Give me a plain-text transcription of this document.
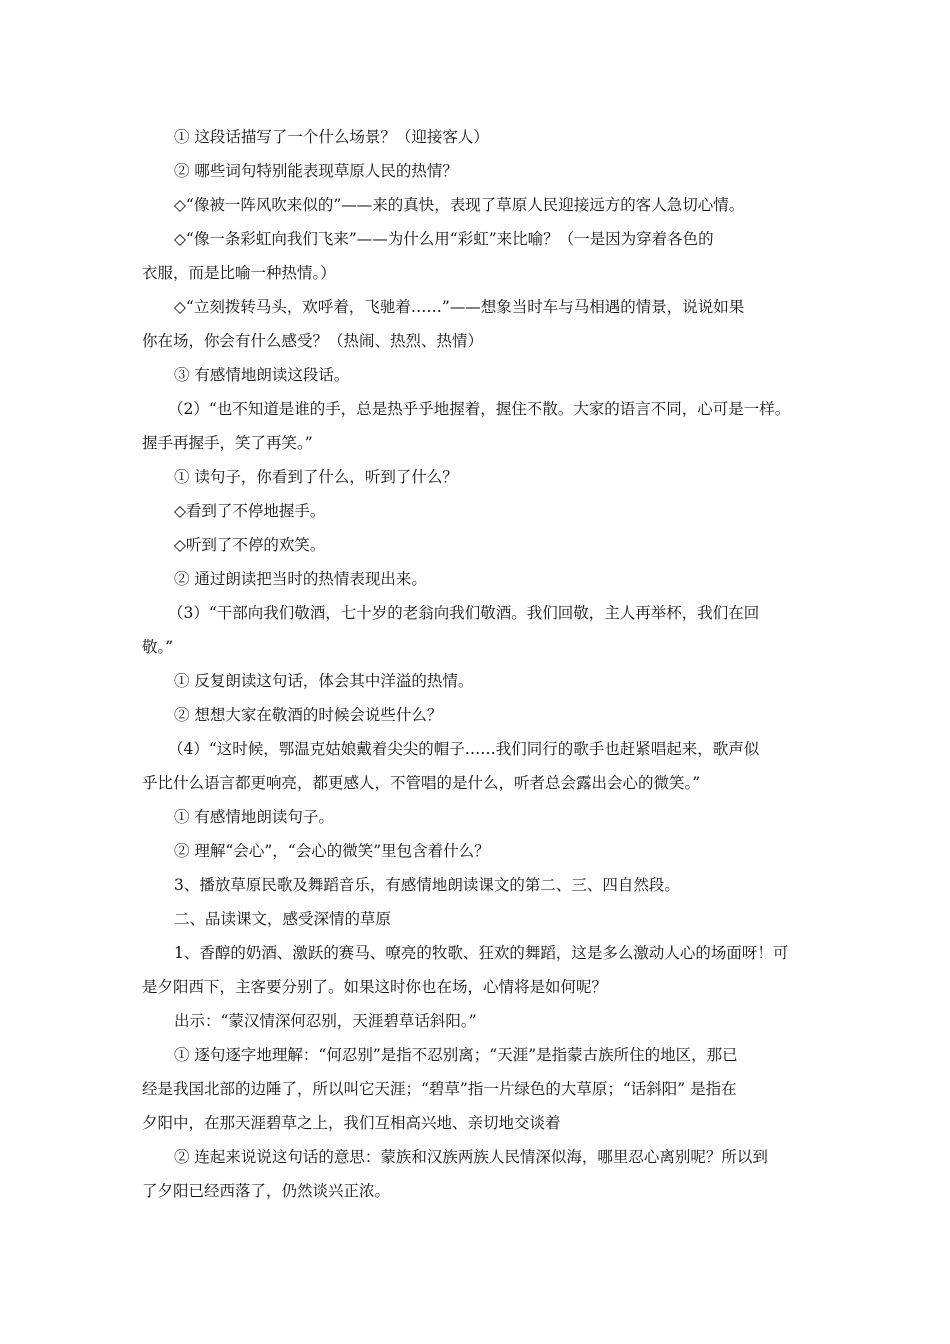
① 这段话描写了一个什么场景？（迎接客人）
② 哪些词句特别能表现草原人民的热情？
◇“像被一阵风吹来似的”——来的真快，表现了草原人民迎接远方的客人急切心情。
◇“像一条彩虹向我们飞来”——为什么用“彩虹”来比喻？（一是因为穿着各色的
衣服，而是比喻一种热情。）
◇“立刻拨转马头，欢呼着，飞驰着……”——想象当时车与马相遇的情景，说说如果
你在场，你会有什么感受？（热闹、热烈、热情）
③ 有感情地朗读这段话。
（2）“也不知道是谁的手，总是热乎乎地握着，握住不散。大家的语言不同，心可是一样。
握手再握手，笑了再笑。”
① 读句子，你看到了什么，听到了什么？
◇看到了不停地握手。
◇听到了不停的欢笑。
② 通过朗读把当时的热情表现出来。
（3）“干部向我们敬酒，七十岁的老翁向我们敬酒。我们回敬，主人再举杯，我们在回
敬。”
① 反复朗读这句话，体会其中洋溢的热情。
② 想想大家在敬酒的时候会说些什么？
（4）“这时候，鄂温克姑娘戴着尖尖的帽子……我们同行的歌手也赶紧唱起来，歌声似
乎比什么语言都更响亮，都更感人，不管唱的是什么，听者总会露出会心的微笑。”
① 有感情地朗读句子。
② 理解“会心”，“会心的微笑”里包含着什么？
3、播放草原民歌及舞蹈音乐，有感情地朗读课文的第二、三、四自然段。
二、品读课文，感受深情的草原
1、香醇的奶酒、激跃的赛马、嘹亮的牧歌、狂欢的舞蹈，这是多么激动人心的场面呀！可
是夕阳西下，主客要分别了。如果这时你也在场，心情将是如何呢？
出示：“蒙汉情深何忍别，天涯碧草话斜阳。”
① 逐句逐字地理解：“何忍别”是指不忍别离；“天涯”是指蒙古族所住的地区，那已
经是我国北部的边陲了，所以叫它天涯；“碧草”指一片绿色的大草原；“话斜阳” 是指在
夕阳中，在那天涯碧草之上，我们互相高兴地、亲切地交谈着
② 连起来说说这句话的意思：蒙族和汉族两族人民情深似海，哪里忍心离别呢？所以到
了夕阳已经西落了，仍然谈兴正浓。
